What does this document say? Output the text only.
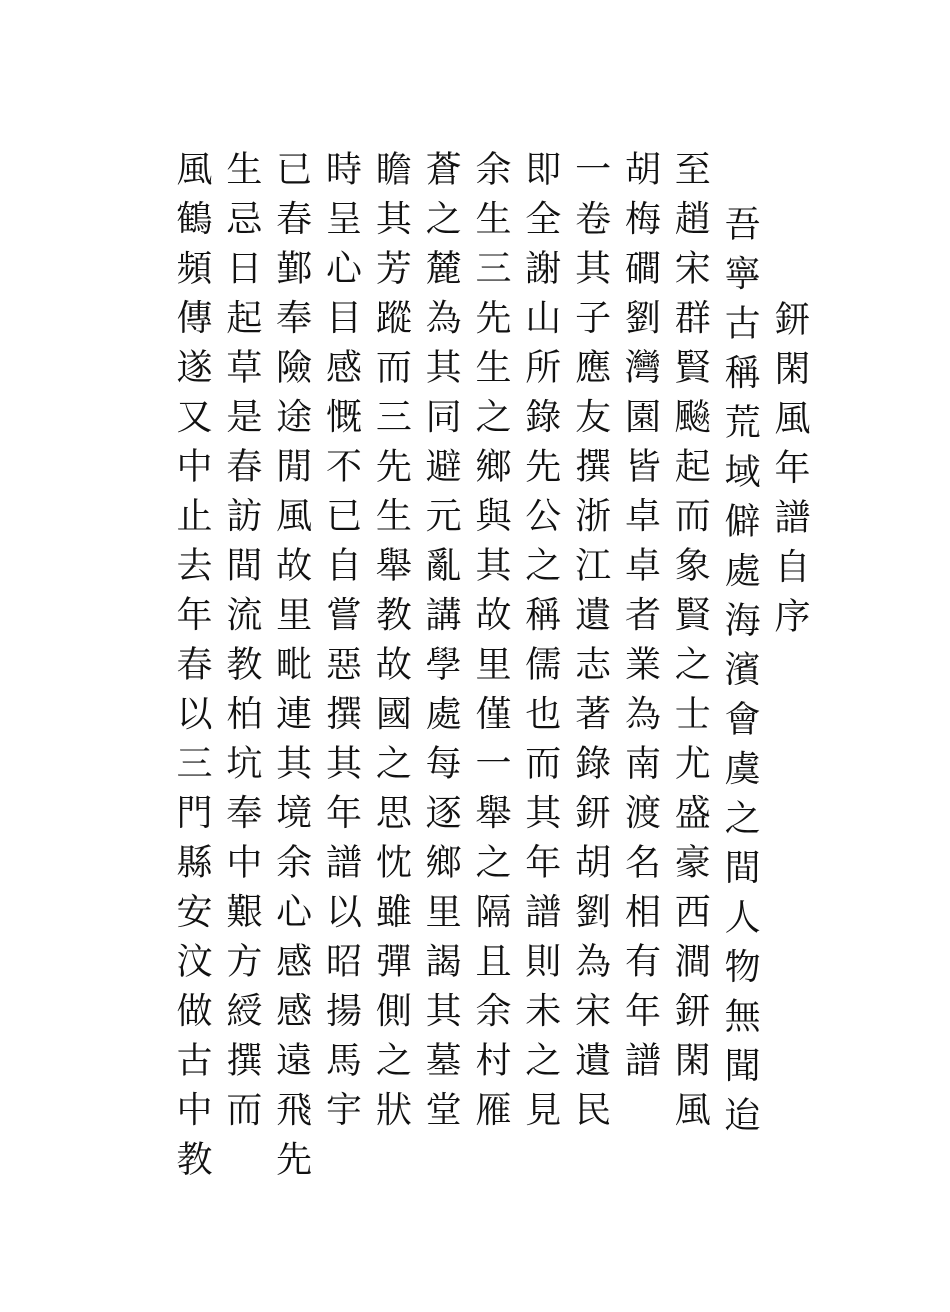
鈃閑風年譜自序
吾寧古稱荒域僻處海濱會虞之間人物無聞迨
至趙宋群賢飈起而象賢之士尤盛豪西澗鈃閑風
胡梅磵劉灣園皆卓卓者業為南渡名相有年譜
一卷其子應友撰浙江遺志著錄鈃胡劉為宋遺民
即全謝山所錄先公之稱儒也而其年譜則未之見
余生三先生之鄉與其故里僅一舉之隔且余村雁
蒼之麓為其同避元亂講學處每逐鄉里謁其墓堂
瞻其芳蹤而三先生舉教故國之思忱雖彈側之狀
時呈心目感慨不已自嘗惡撰其年譜以昭揚馬宇
已春鄞奉險途閒風故里毗連其境余心感感遠飛先
生忌日起草是春訪間流教柏坑奉中艱方綬撰而
風鶴頻傳遂又中止去年春以三門縣安汶做古中教
